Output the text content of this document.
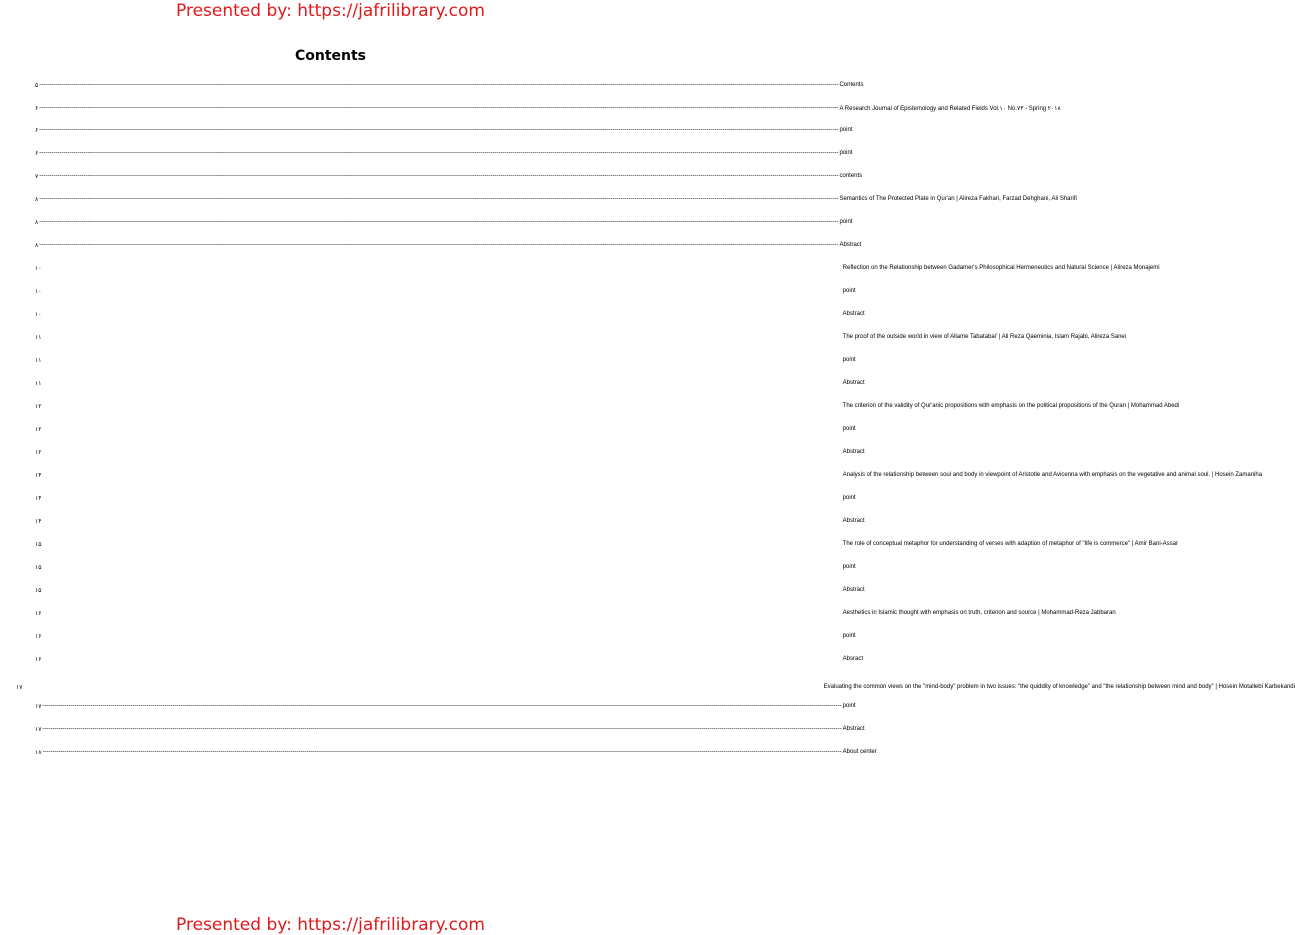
Presented by: https://jafrilibrary.com
Contents
۵ ---------------------------------------------------------------------------------------------------------------------------------------------------------------------------------------------------------------------------------------------------------------------------------------------------------------------------------------------------------------------------------------------------------------- Contents
۶ ---------------------------------------------------------------------------------------------------------------------------------------------------------------------------------------------------------------------------------------------------------------------------------------------------------------------------------------------------------------------------------------------------------------- A Research Journal of Epistemology and Related Fields Vol.۱۰ No.۷۳ - Spring ۲۰۱۸
۶ ---------------------------------------------------------------------------------------------------------------------------------------------------------------------------------------------------------------------------------------------------------------------------------------------------------------------------------------------------------------------------------------------------------------- point
۶ ---------------------------------------------------------------------------------------------------------------------------------------------------------------------------------------------------------------------------------------------------------------------------------------------------------------------------------------------------------------------------------------------------------------- point
۷ ---------------------------------------------------------------------------------------------------------------------------------------------------------------------------------------------------------------------------------------------------------------------------------------------------------------------------------------------------------------------------------------------------------------- contents
۸ ---------------------------------------------------------------------------------------------------------------------------------------------------------------------------------------------------------------------------------------------------------------------------------------------------------------------------------------------------------------------------------------------------------------- Semantics of The Protected Plate in Qur'an | Alireza Fakhari, Farzad Dehghani, Ali Sharifi
۸ ---------------------------------------------------------------------------------------------------------------------------------------------------------------------------------------------------------------------------------------------------------------------------------------------------------------------------------------------------------------------------------------------------------------- point
۸ ---------------------------------------------------------------------------------------------------------------------------------------------------------------------------------------------------------------------------------------------------------------------------------------------------------------------------------------------------------------------------------------------------------------- Abstract
۱۰	Reflection on the Relationship between Gadamer's Philosophical Hermeneutics and Natural Science | Alireza Monajemi
۱۰	point
۱۰	Abstract
۱۱	The proof of the outside world in view of Allame Tabatabai' | Ali Reza Qaeminia, Islam Rajabi, Alireza Sanei
۱۱	point
۱۱	Abstract
۱۲	The criterion of the validity of Qur'anic propositions with emphasis on the political propositions of the Quran | Mohammad Abedi
۱۲	point
۱۲	Abstract
۱۴	Analysis of the relationship between soul and body in viewpoint of Aristotle and Avicenna with emphasis on the vegetative and animal soul. | Hosein Zamaniha
۱۴	point
۱۴	Abstract
۱۵	The role of conceptual metaphor for understanding of verses with adaption of metaphor of "life is commerce" | Amir Bani-Assar
۱۵	point
۱۵	Abstract
۱۶	Aesthetics in Islamic thought with emphasis on truth, criterion and source | Mohammad-Reza Jabbaran
۱۶	point
۱۶	Absract
۱۷	Evaluating the common views on the "mind-body" problem in two issues: "the quiddity of knowledge" and "the relationship between mind and body" | Hosein Motallebi Karbekandi
۱۷ ---------------------------------------------------------------------------------------------------------------------------------------------------------------------------------------------------------------------------------------------------------------------------------------------------------------------------------------------------------------------------------------------------------------- point
۱۷ ---------------------------------------------------------------------------------------------------------------------------------------------------------------------------------------------------------------------------------------------------------------------------------------------------------------------------------------------------------------------------------------------------------------- Abstract
۱۸ ---------------------------------------------------------------------------------------------------------------------------------------------------------------------------------------------------------------------------------------------------------------------------------------------------------------------------------------------------------------------------------------------------------------- About center
Presented by: https://jafrilibrary.com
